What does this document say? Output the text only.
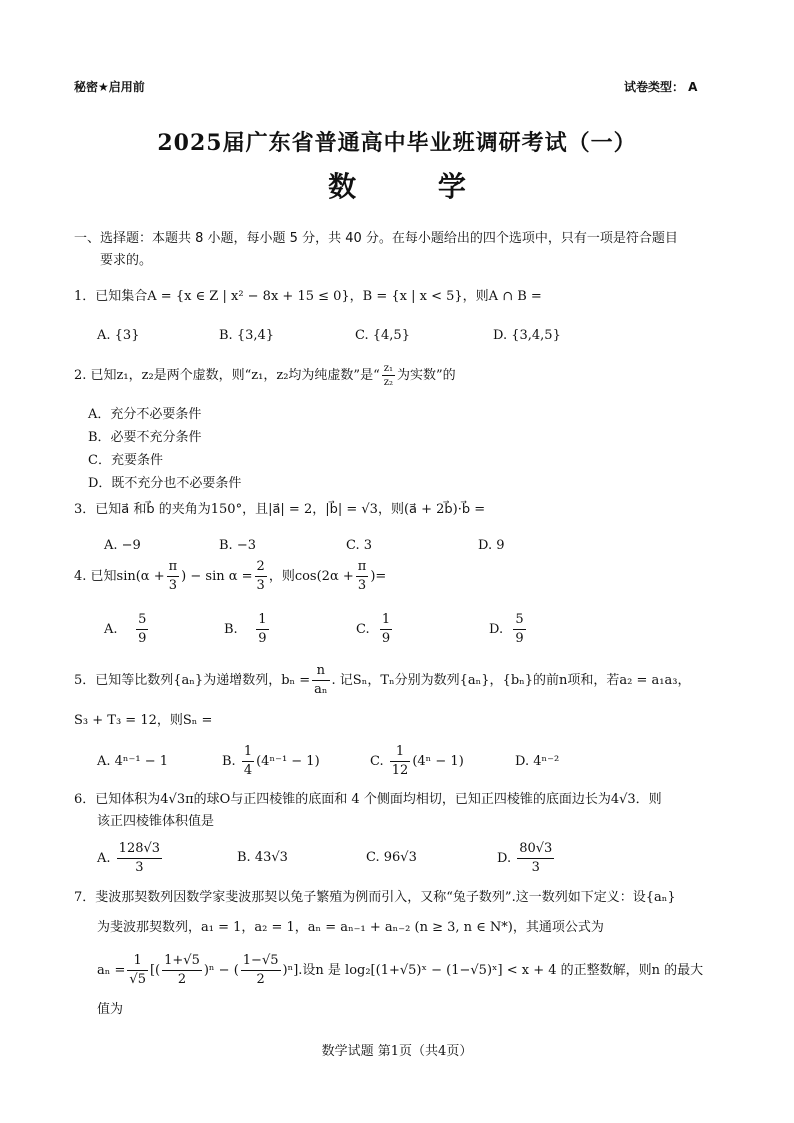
秘密★启用前	试卷类型： A
2025届广东省普通高中毕业班调研考试（一）
数 学
一、选择题：本题共 8 小题，每小题 5 分，共 40 分。在每小题给出的四个选项中，只有一项是符合题目
要求的。
1．已知集合A = {x ∈ Z | x² − 8x + 15 ≤ 0}，B = {x | x < 5}，则A ∩ B =
A. {3}	B. {3,4}	C. {4,5}	D. {3,4,5}
2. 已知z₁，z₂是两个虚数，则“z₁，z₂均为纯虚数”是“ $\frac{\text{z₁}}{\text{z₂}}$ 为实数”的
A．充分不必要条件
B．必要不充分条件
C．充要条件
D．既不充分也不必要条件
3．已知a⃗ 和b⃗ 的夹角为150°，且|a⃗| = 2，|b⃗| = √3，则(a⃗ + 2b⃗)·b⃗ =
A. −9	B. −3	C. 3	D. 9
4. 已知$\sin(\alpha + \frac{\pi}{3}$ ) − $\sin \alpha = \frac{2}{3}$ ，则$\cos(2\alpha + \frac{\pi}{3}$ )=
A. $\frac{5}{9}$	B. $\frac{1}{9}$	C. $\frac{1}{9}$	D. $\frac{5}{9}$
5．已知等比数列{aₙ}为递增数列，$b_n = \frac{n}{\text{aₙ}}$ . 记Sₙ，Tₙ分别为数列{aₙ}，{bₙ}的前n项和，若a₂ = a₁a₃，
S₃ + T₃ = 12，则Sₙ =
A. 4ⁿ⁻¹ − 1	B. $\frac{1}{4} (4^{n-1} - 1)$	C. $\frac{1}{12} (4^n - 1)$	D. 4ⁿ⁻²
6．已知体积为4√3π的球O与正四棱锥的底面和 4 个侧面均相切，已知正四棱锥的底面边长为4√3．则
该正四棱锥体积值是
A. $\frac{128√3}{3}$	B. 43√3	C. 96√3	D. $\frac{80√3}{3}$
7．斐波那契数列因数学家斐波那契以兔子繁殖为例而引入，又称“兔子数列”.这一数列如下定义：设{aₙ}
为斐波那契数列，a₁ = 1，a₂ = 1，aₙ = aₙ₋₁ + aₙ₋₂ (n ≥ 3, n ∈ N*)，其通项公式为
$a_n = \frac{1}{√5}$ [( $\frac{1+√5}{2} )^n$ − ( $\frac{1-√5}{2} )^n$].设n 是 log₂[(1+√5)ˣ − (1−√5)ˣ] < x + 4 的正整数解，则n 的最大
值为
数学试题 第1页（共4页）
